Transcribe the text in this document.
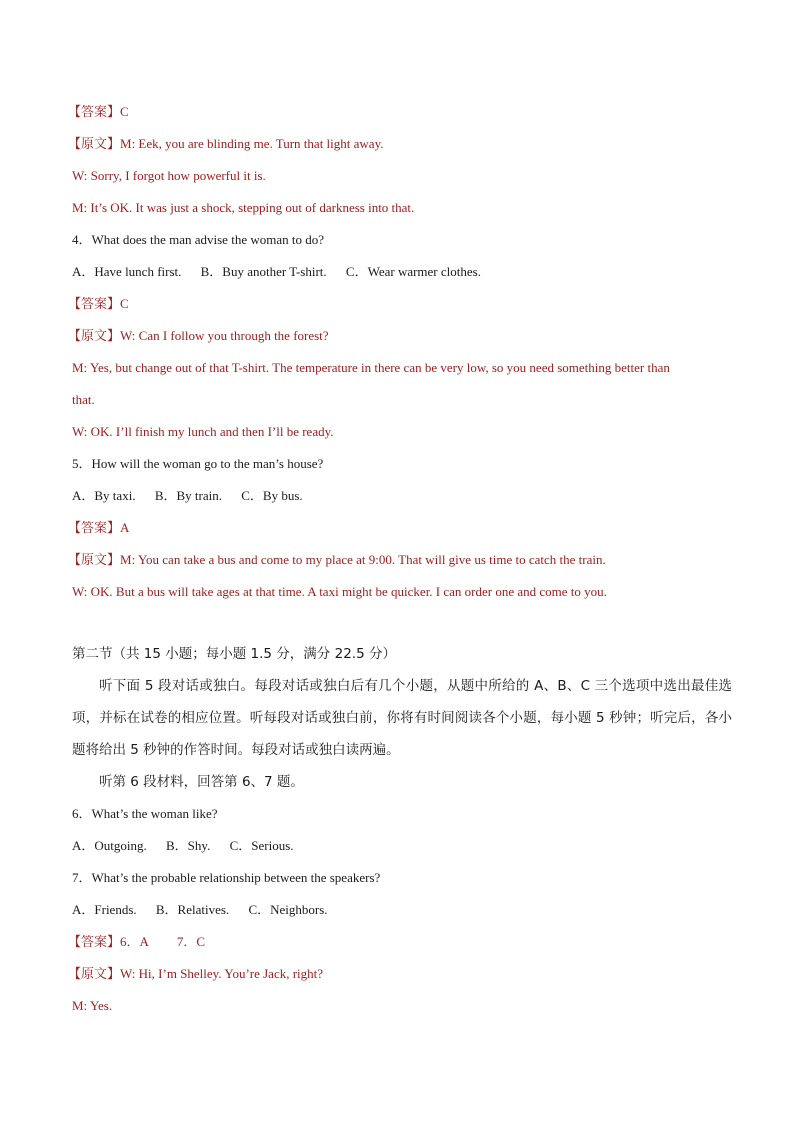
【答案】C
【原文】M: Eek, you are blinding me. Turn that light away.
W: Sorry, I forgot how powerful it is.
M: It’s OK. It was just a shock, stepping out of darkness into that.
4．What does the man advise the woman to do?
A．Have lunch first. B．Buy another T-shirt. C．Wear warmer clothes.
【答案】C
【原文】W: Can I follow you through the forest?
M: Yes, but change out of that T-shirt. The temperature in there can be very low, so you need something better than
that.
W: OK. I’ll finish my lunch and then I’ll be ready.
5．How will the woman go to the man’s house?
A．By taxi. B．By train. C．By bus.
【答案】A
【原文】M: You can take a bus and come to my place at 9:00. That will give us time to catch the train.
W: OK. But a bus will take ages at that time. A taxi might be quicker. I can order one and come to you.
第二节（共 15 小题；每小题 1.5 分，满分 22.5 分）
听下面 5 段对话或独白。每段对话或独白后有几个小题，从题中所给的 A、B、C 三个选项中选出最佳选项，并标在试卷的相应位置。听每段对话或独白前，你将有时间阅读各个小题，每小题 5 秒钟；听完后，各小题将给出 5 秒钟的作答时间。每段对话或独白读两遍。
听第 6 段材料，回答第 6、7 题。
6．What’s the woman like?
A．Outgoing. B．Shy. C．Serious.
7．What’s the probable relationship between the speakers?
A．Friends. B．Relatives. C．Neighbors.
【答案】6．A 7．C
【原文】W: Hi, I’m Shelley. You’re Jack, right?
M: Yes.
